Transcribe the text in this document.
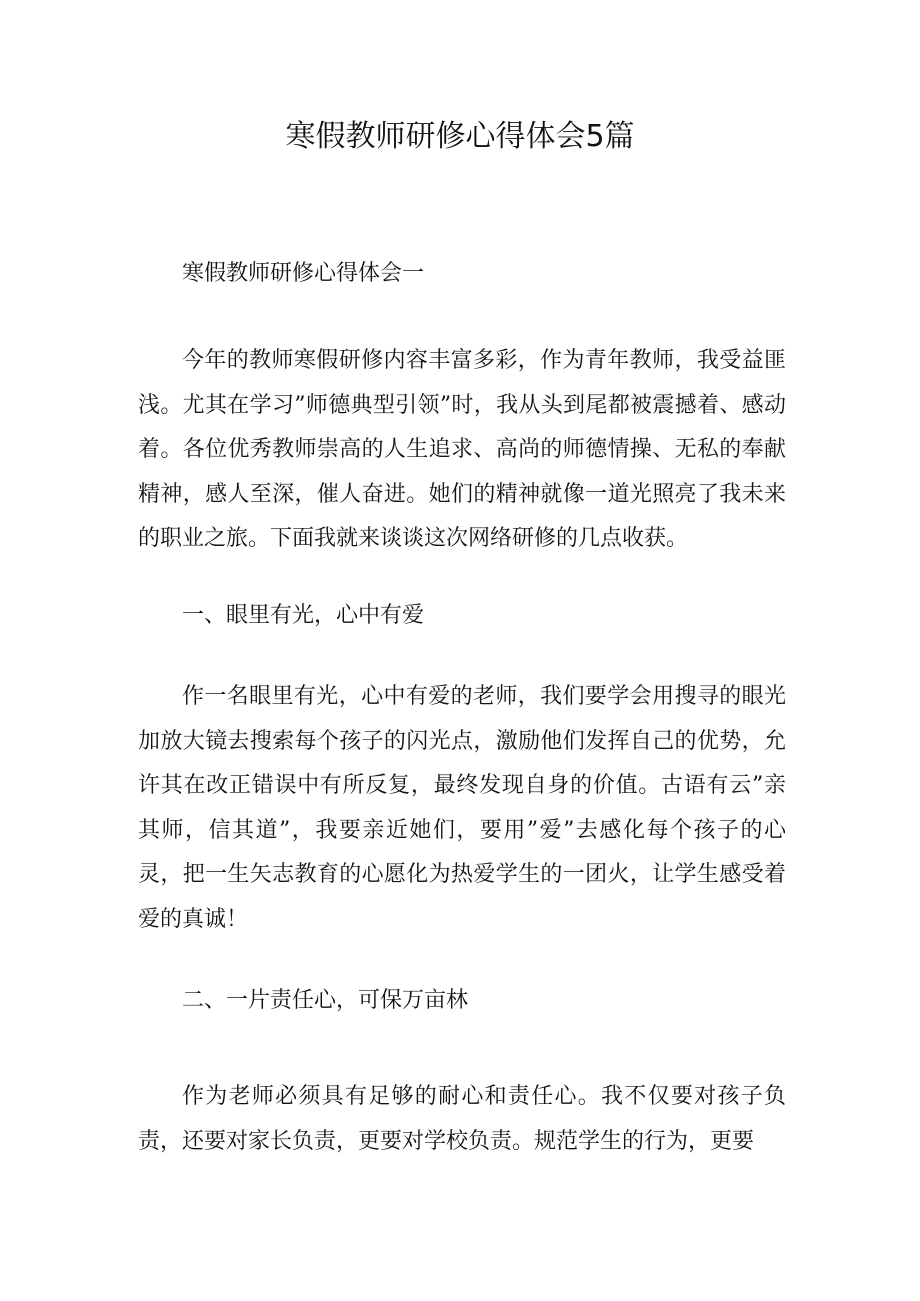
寒假教师研修心得体会5篇

寒假教师研修心得体会一

今年的教师寒假研修内容丰富多彩，作为青年教师，我受益匪浅。尤其在学习”师德典型引领”时，我从头到尾都被震撼着、感动着。各位优秀教师崇高的人生追求、高尚的师德情操、无私的奉献精神，感人至深，催人奋进。她们的精神就像一道光照亮了我未来的职业之旅。下面我就来谈谈这次网络研修的几点收获。

一、眼里有光，心中有爱

作一名眼里有光，心中有爱的老师，我们要学会用搜寻的眼光加放大镜去搜索每个孩子的闪光点，激励他们发挥自己的优势，允许其在改正错误中有所反复，最终发现自身的价值。古语有云”亲其师，信其道”，我要亲近她们，要用”爱”去感化每个孩子的心灵，把一生矢志教育的心愿化为热爱学生的一团火，让学生感受着爱的真诚！

二、一片责任心，可保万亩林

作为老师必须具有足够的耐心和责任心。我不仅要对孩子负责，还要对家长负责，更要对学校负责。规范学生的行为，更要
